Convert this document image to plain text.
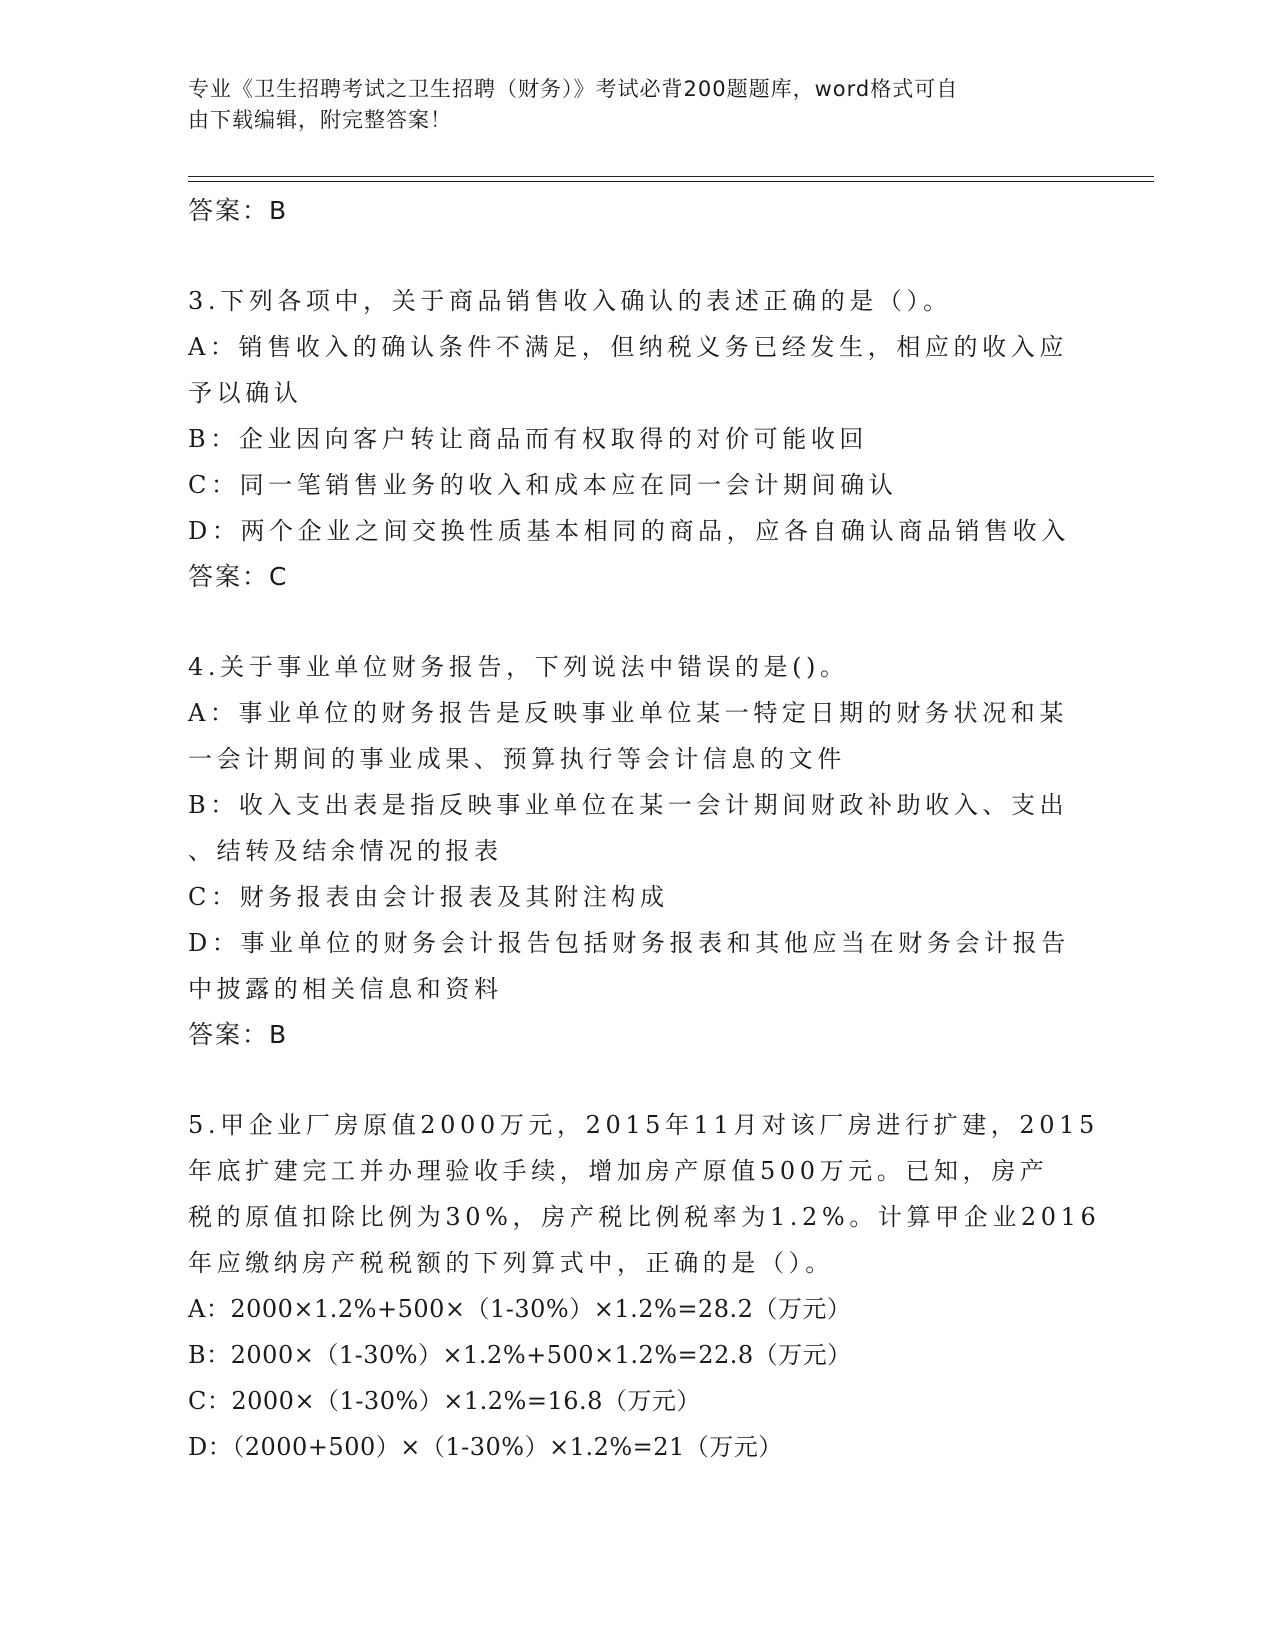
专业《卫生招聘考试之卫生招聘（财务）》考试必背200题题库，word格式可自
由下载编辑，附完整答案！
答案：B
3.下列各项中，关于商品销售收入确认的表述正确的是（）。
A：销售收入的确认条件不满足，但纳税义务已经发生，相应的收入应
予以确认
B：企业因向客户转让商品而有权取得的对价可能收回
C：同一笔销售业务的收入和成本应在同一会计期间确认
D：两个企业之间交换性质基本相同的商品，应各自确认商品销售收入
答案：C
4.关于事业单位财务报告，下列说法中错误的是()。
A：事业单位的财务报告是反映事业单位某一特定日期的财务状况和某
一会计期间的事业成果、预算执行等会计信息的文件
B：收入支出表是指反映事业单位在某一会计期间财政补助收入、支出
、结转及结余情况的报表
C：财务报表由会计报表及其附注构成
D：事业单位的财务会计报告包括财务报表和其他应当在财务会计报告
中披露的相关信息和资料
答案：B
5.甲企业厂房原值2000万元，2015年11月对该厂房进行扩建，2015
年底扩建完工并办理验收手续，增加房产原值500万元。已知，房产
税的原值扣除比例为30%，房产税比例税率为1.2%。计算甲企业2016
年应缴纳房产税税额的下列算式中，正确的是（）。
A：2000×1.2%+500×（1-30%）×1.2%=28.2（万元）
B：2000×（1-30%）×1.2%+500×1.2%=22.8（万元）
C：2000×（1-30%）×1.2%=16.8（万元）
D：（2000+500）×（1-30%）×1.2%=21（万元）
